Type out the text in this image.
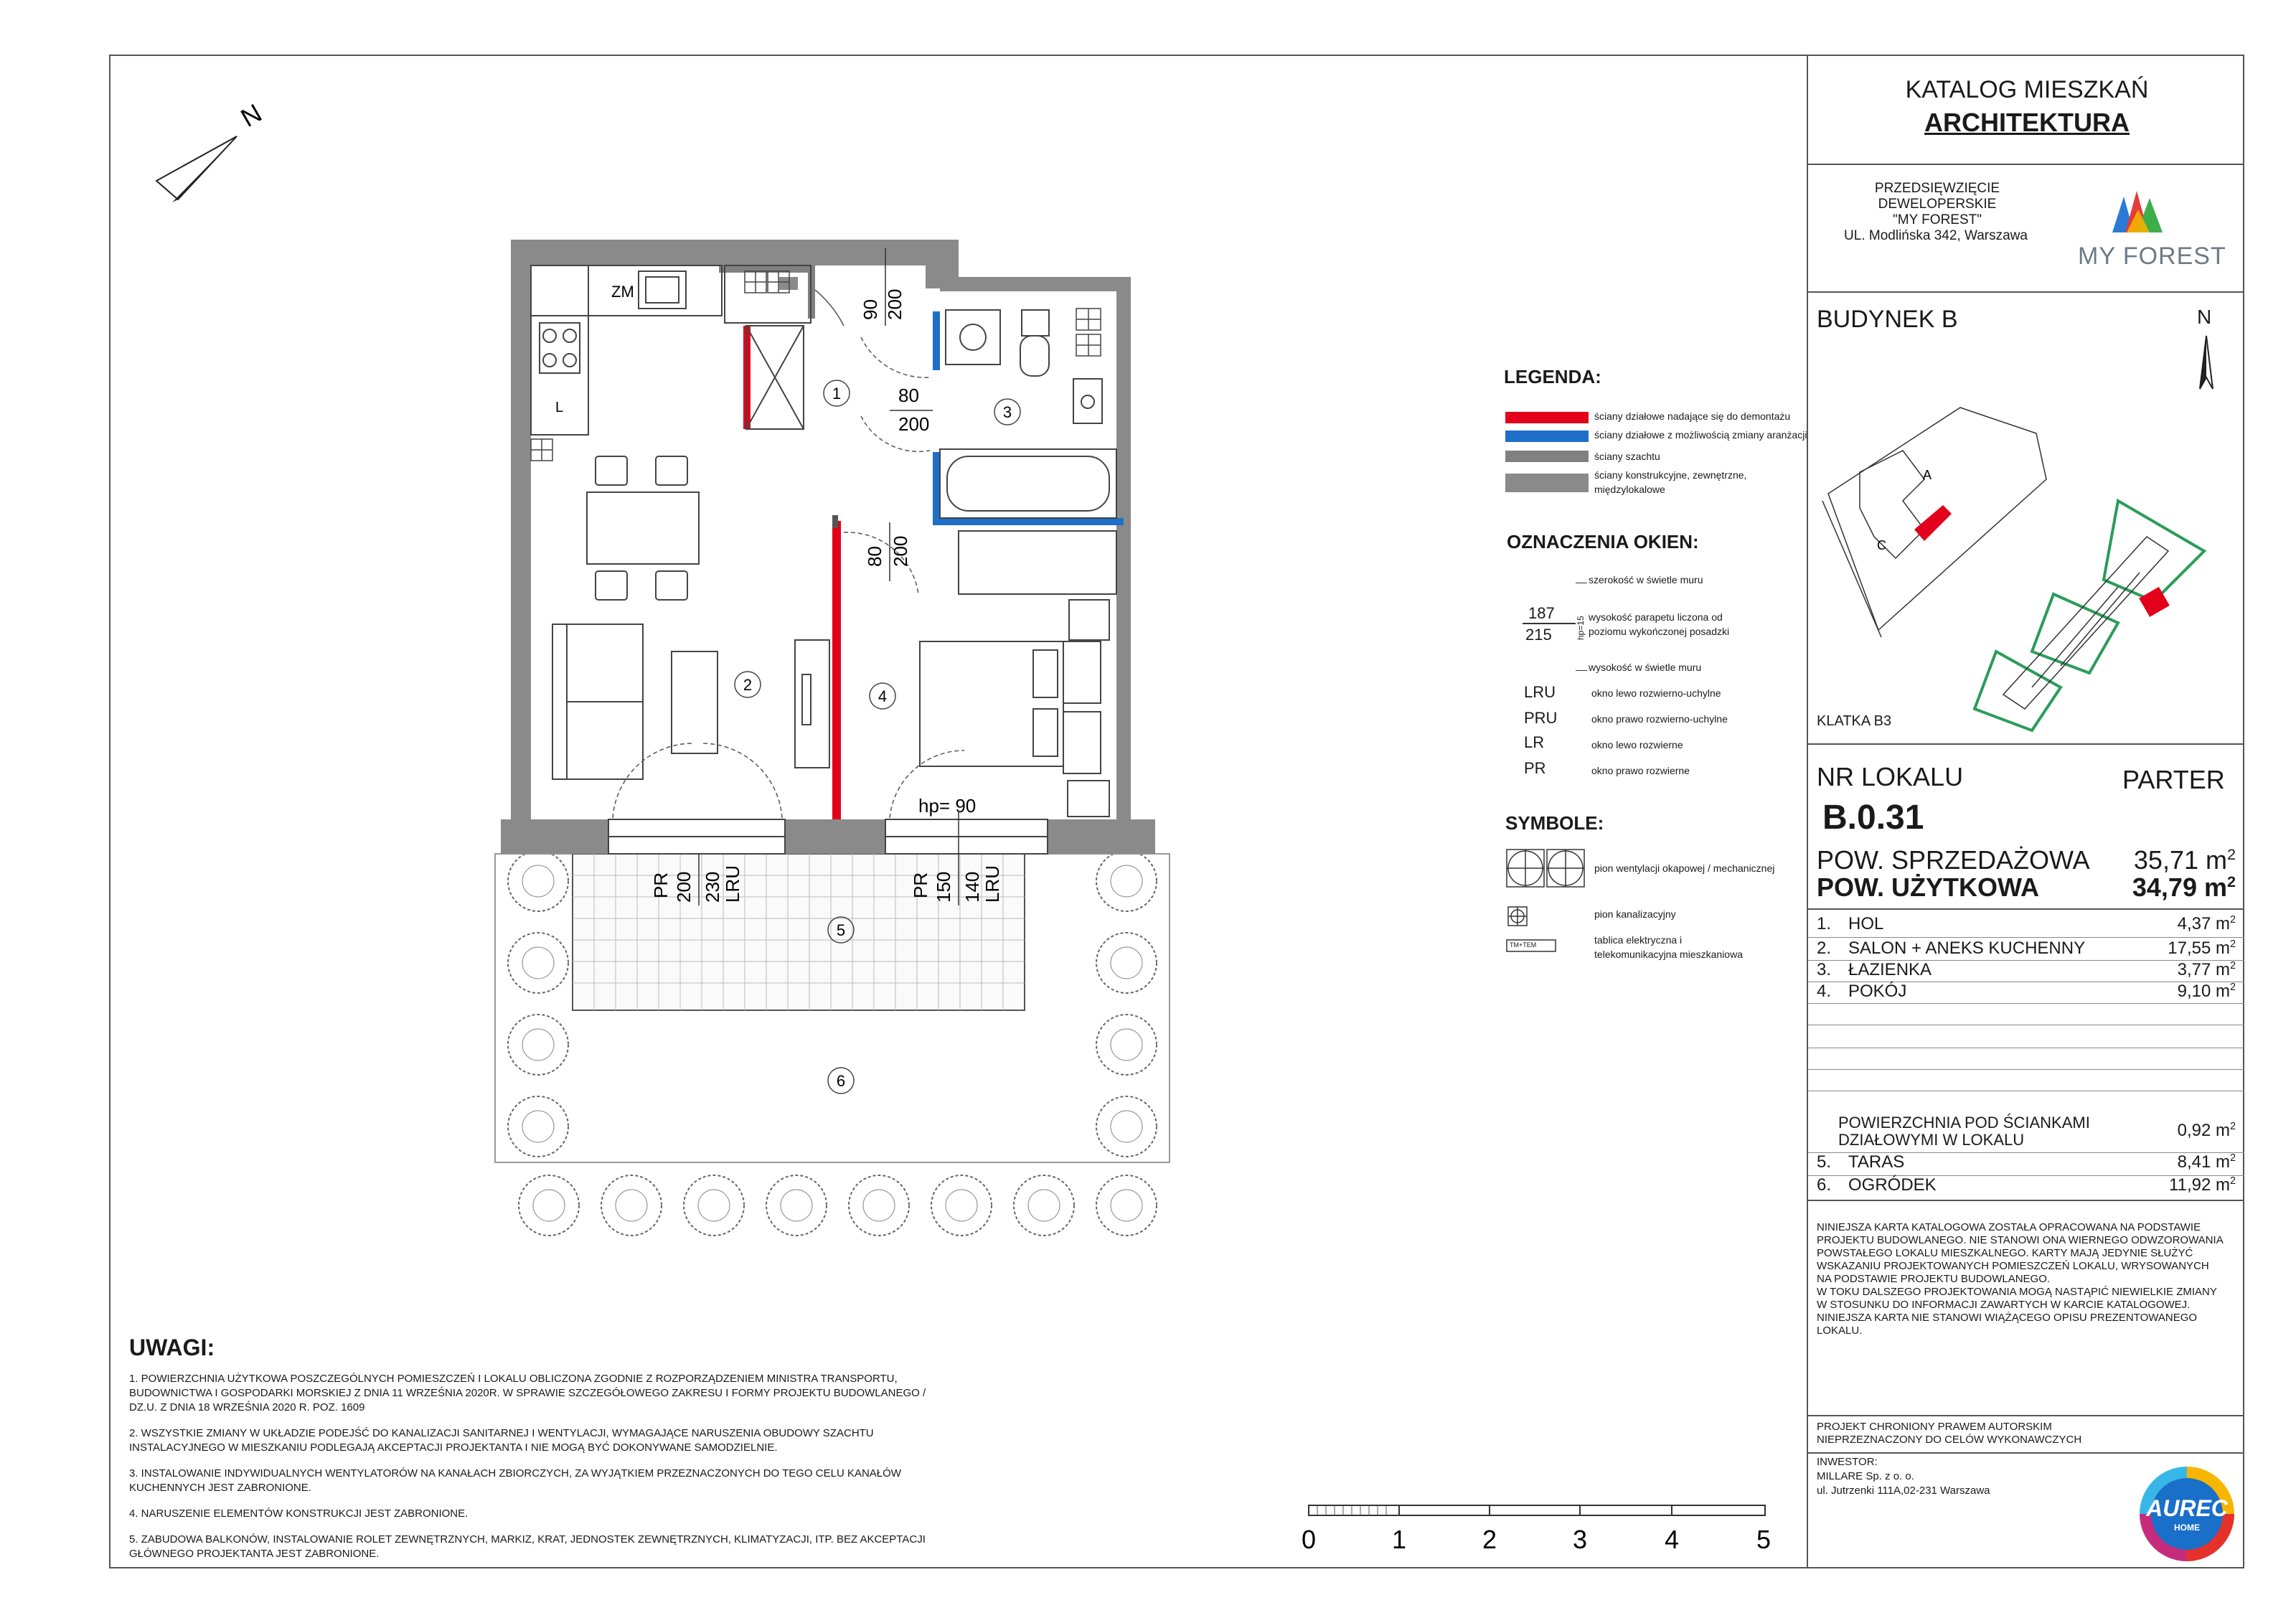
N
ZM
L
1
2
3
4
5
6
90 200
80
200
80 200
hp= 90
PR 200 230
LRU	PR 150 140
LRU
0	1	2	3	4	5
LEGENDA:
ściany działowe nadające się do demontażu
ściany działowe z możliwością zmiany aranżacji
ściany szachtu
ściany konstrukcyjne, zewnętrzne,
międzylokalowe
OZNACZENIA OKIEN:
szerokość w świetle muru
187
215	hp=15 wysokość parapetu liczona od
poziomu wykończonej posadzki
wysokość w świetle muru
LRU	okno lewo rozwierno-uchylne
PRU	okno prawo rozwierno-uchylne
LR	okno lewo rozwierne
PR	okno prawo rozwierne
SYMBOLE:
TM+TEM
pion wentylacji okapowej / mechanicznej
pion kanalizacyjny
tablica elektryczna i
telekomunikacyjna mieszkaniowa
UWAGI:

1. POWIERZCHNIA UŻYTKOWA POSZCZEGÓLNYCH POMIESZCZEŃ I LOKALU OBLICZONA ZGODNIE Z ROZPORZĄDZENIEM MINISTRA TRANSPORTU, BUDOWNICTWA I GOSPODARKI MORSKIEJ Z DNIA 11 WRZEŚNIA 2020R. W SPRAWIE SZCZEGÓŁOWEGO ZAKRESU I FORMY PROJEKTU BUDOWLANEGO / DZ.U. Z DNIA 18 WRZEŚNIA 2020 R. POZ. 1609

2. WSZYSTKIE ZMIANY W UKŁADZIE PODEJŚĆ DO KANALIZACJI SANITARNEJ I WENTYLACJI, WYMAGAJĄCE NARUSZENIA OBUDOWY SZACHTU INSTALACYJNEGO W MIESZKANIU PODLEGAJĄ AKCEPTACJI PROJEKTANTA I NIE MOGĄ BYĆ DOKONYWANE SAMODZIELNIE.

3. INSTALOWANIE INDYWIDUALNYCH WENTYLATORÓW NA KANAŁACH ZBIORCZYCH, ZA WYJĄTKIEM PRZEZNACZONYCH DO TEGO CELU KANAŁÓW KUCHENNYCH JEST ZABRONIONE.

4. NARUSZENIE ELEMENTÓW KONSTRUKCJI JEST ZABRONIONE.

5. ZABUDOWA BALKONÓW, INSTALOWANIE ROLET ZEWNĘTRZNYCH, MARKIZ, KRAT, JEDNOSTEK ZEWNĘTRZNYCH, KLIMATYZACJI, ITP. BEZ AKCEPTACJI GŁÓWNEGO PROJEKTANTA JEST ZABRONIONE.

KATALOG MIESZKAŃ
ARCHITEKTURA
PRZEDSIĘWZIĘCIE
DEWELOPERSKIE
"MY FOREST"
UL. Modlińska 342, Warszawa
MY FOREST
BUDYNEK B	N
A
C
KLATKA B3
NR LOKALU	PARTER
B.0.31
POW. SPRZEDAŻOWA 35,71 $m^2$
POW. UŻYTKOWA	34,79 $m^2$
1. HOL	4,37 $m^2$
2. SALON + ANEKS KUCHENNY	17,55 $m^2$
3. ŁAZIENKA	3,77 $m^2$
4. POKÓJ	9,10 $m^2$
POWIERZCHNIA POD ŚCIANKAMI
DZIAŁOWYMI W LOKALU	0,92 $m^2$
5. TARAS	8,41 $m^2$
6. OGRÓDEK	11,92 $m^2$
NINIEJSZA KARTA KATALOGOWA ZOSTAŁA OPRACOWANA NA PODSTAWIE
PROJEKTU BUDOWLANEGO. NIE STANOWI ONA WIERNEGO ODWZOROWANIA
POWSTAŁEGO LOKALU MIESZKALNEGO. KARTY MAJĄ JEDYNIE SŁUŻYĆ
WSKAZANIU PROJEKTOWANYCH POMIESZCZEŃ LOKALU, WRYSOWANYCH
NA PODSTAWIE PROJEKTU BUDOWLANEGO.
W TOKU DALSZEGO PROJEKTOWANIA MOGĄ NASTĄPIĆ NIEWIELKIE ZMIANY
W STOSUNKU DO INFORMACJI ZAWARTYCH W KARCIE KATALOGOWEJ.
NINIEJSZA KARTA NIE STANOWI WIĄŻĄCEGO OPISU PREZENTOWANEGO
LOKALU.
PROJEKT CHRONIONY PRAWEM AUTORSKIM
NIEPRZEZNACZONY DO CELÓW WYKONAWCZYCH
INWESTOR:
MILLARE Sp. z o. o.
ul. Jutrzenki 111A,02-231 Warszawa
AUREC
HOME
